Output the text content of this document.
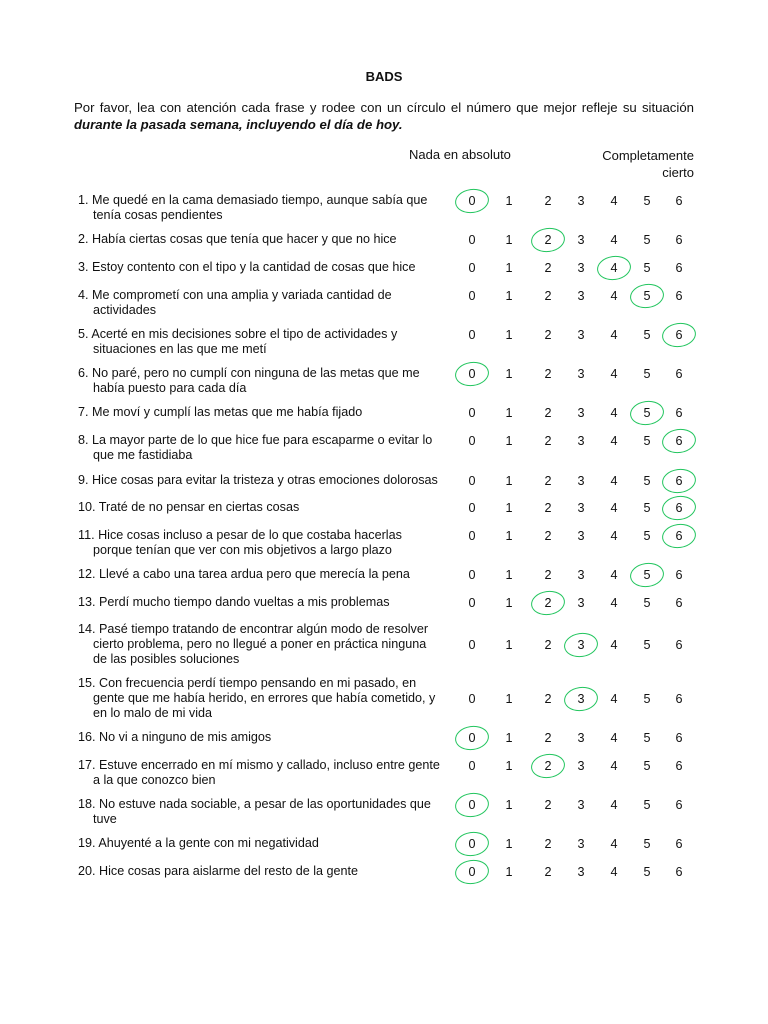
BADS
Por favor, lea con atención cada frase y rodee con un círculo el número que mejor refleje su situación durante la pasada semana, incluyendo el día de hoy.
Nada en absoluto	Completamente
cierto
1. Me quedé en la cama demasiado tiempo, aunque sabía que
tenía cosas pendientes
0	1	2	3	4	5	6
2. Había ciertas cosas que tenía que hacer y que no hice	0	1	2	3	4	5	6
3. Estoy contento con el tipo y la cantidad de cosas que hice	0	1	2	3	4	5	6
4. Me comprometí con una amplia y variada cantidad de
actividades
0	1	2	3	4	5	6
5. Acerté en mis decisiones sobre el tipo de actividades y
situaciones en las que me metí
0	1	2	3	4	5	6
6. No paré, pero no cumplí con ninguna de las metas que me
había puesto para cada día
0	1	2	3	4	5	6
7. Me moví y cumplí las metas que me había fijado	0	1	2	3	4	5	6
8. La mayor parte de lo que hice fue para escaparme o evitar lo
que me fastidiaba
0	1	2	3	4	5	6
9. Hice cosas para evitar la tristeza y otras emociones dolorosas	0	1	2	3	4	5	6
10. Traté de no pensar en ciertas cosas	0	1	2	3	4	5	6
11. Hice cosas incluso a pesar de lo que costaba hacerlas
porque tenían que ver con mis objetivos a largo plazo
0	1	2	3	4	5	6
12. Llevé a cabo una tarea ardua pero que merecía la pena	0	1	2	3	4	5	6
13. Perdí mucho tiempo dando vueltas a mis problemas	0	1	2	3	4	5	6
14. Pasé tiempo tratando de encontrar algún modo de resolver
cierto problema, pero no llegué a poner en práctica ninguna
de las posibles soluciones
0	1	2	3	4	5	6
15. Con frecuencia perdí tiempo pensando en mi pasado, en
gente que me había herido, en errores que había cometido, y
en lo malo de mi vida
0	1	2	3	4	5	6
16. No vi a ninguno de mis amigos	0	1	2	3	4	5	6
17. Estuve encerrado en mí mismo y callado, incluso entre gente
a la que conozco bien
0	1	2	3	4	5	6
18. No estuve nada sociable, a pesar de las oportunidades que
tuve
0	1	2	3	4	5	6
19. Ahuyenté a la gente con mi negatividad	0	1	2	3	4	5	6
20. Hice cosas para aislarme del resto de la gente	0	1	2	3	4	5	6
